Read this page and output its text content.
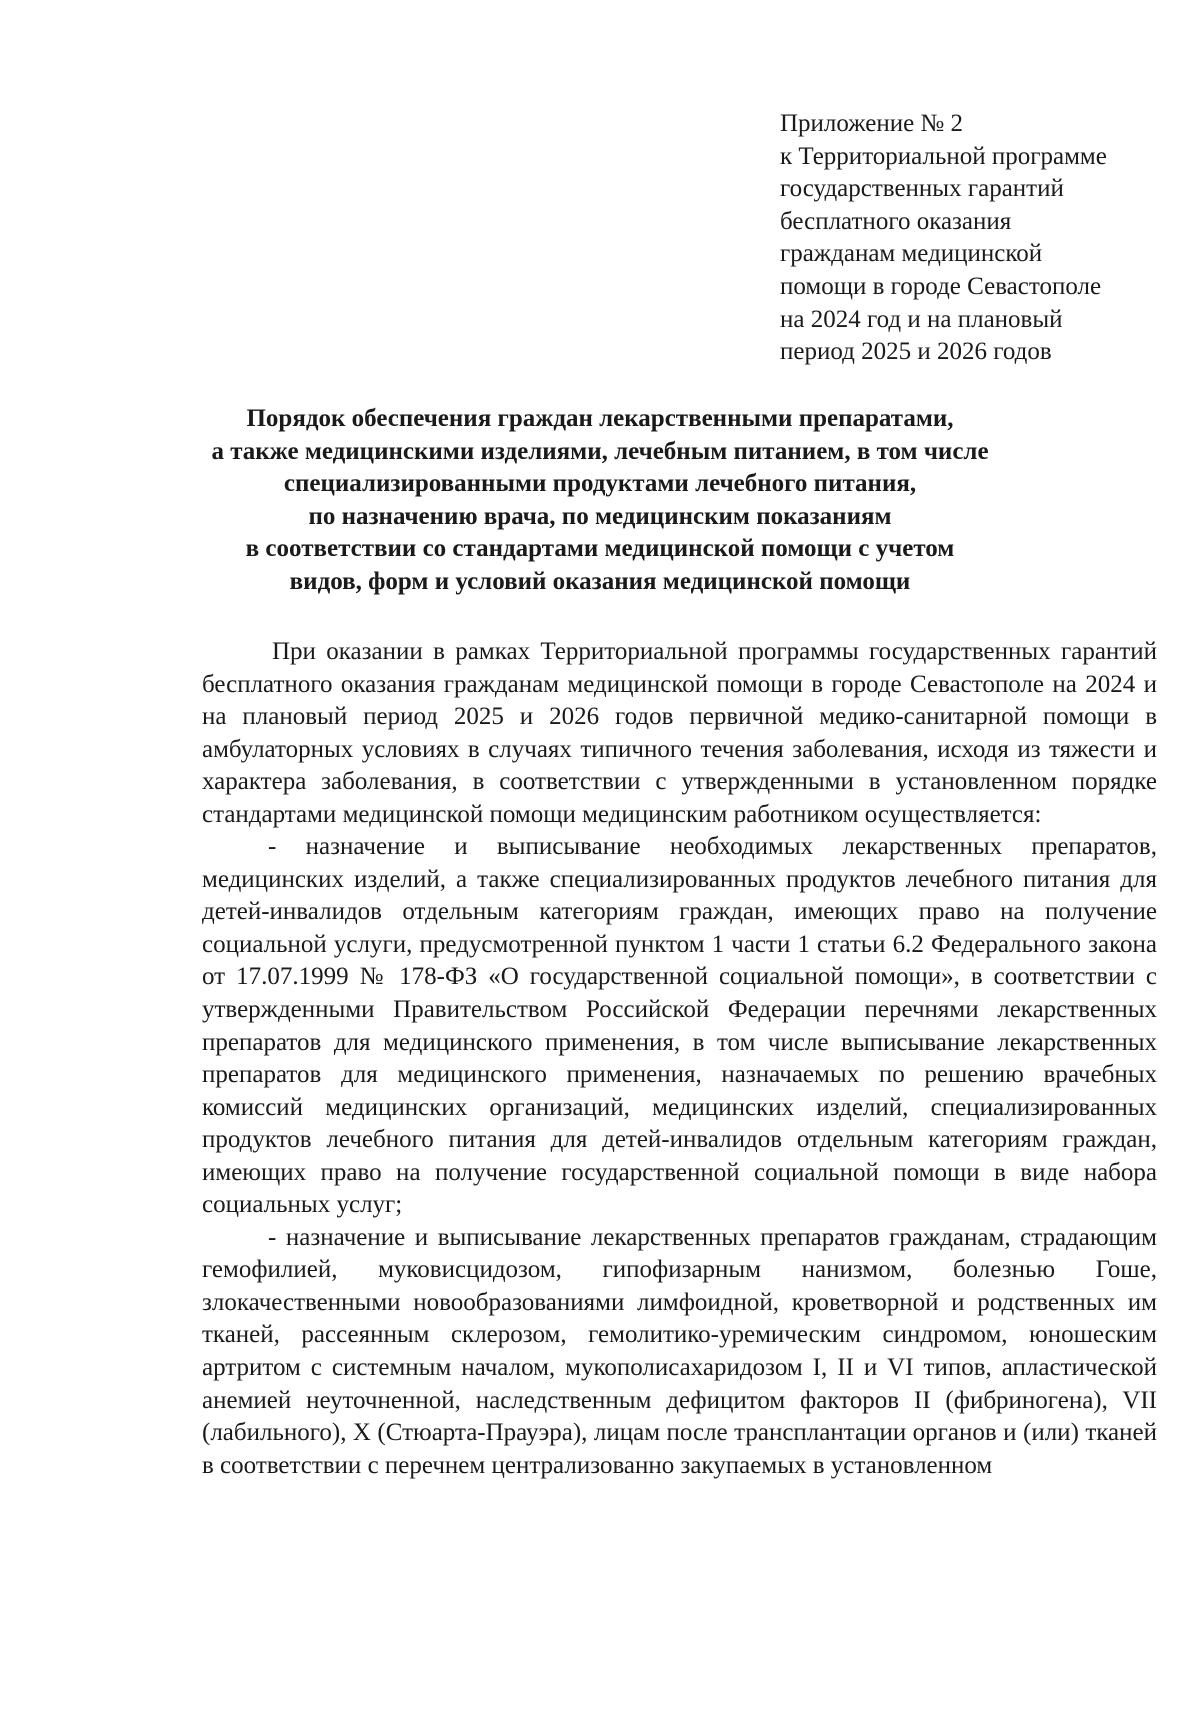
Приложение № 2
к Территориальной программе
государственных гарантий
бесплатного оказания
гражданам медицинской
помощи в городе Севастополе
на 2024 год и на плановый
период 2025 и 2026 годов
Порядок обеспечения граждан лекарственными препаратами,
а также медицинскими изделиями, лечебным питанием, в том числе
специализированными продуктами лечебного питания,
по назначению врача, по медицинским показаниям
в соответствии со стандартами медицинской помощи с учетом
видов, форм и условий оказания медицинской помощи

При оказании в рамках Территориальной программы государственных гарантий бесплатного оказания гражданам медицинской помощи в городе Севастополе на 2024 и на плановый период 2025 и 2026 годов первичной медико-санитарной помощи в амбулаторных условиях в случаях типичного течения заболевания, исходя из тяжести и характера заболевания, в соответствии с утвержденными в установленном порядке стандартами медицинской помощи медицинским работником осуществляется:

- назначение и выписывание необходимых лекарственных препаратов, медицинских изделий, а также специализированных продуктов лечебного питания для детей-инвалидов отдельным категориям граждан, имеющих право на получение социальной услуги, предусмотренной пунктом 1 части 1 статьи 6.2 Федерального закона от 17.07.1999 № 178-ФЗ «О государственной социальной помощи», в соответствии с утвержденными Правительством Российской Федерации перечнями лекарственных препаратов для медицинского применения, в том числе выписывание лекарственных препаратов для медицинского применения, назначаемых по решению врачебных комиссий медицинских организаций, медицинских изделий, специализированных продуктов лечебного питания для детей-инвалидов отдельным категориям граждан, имеющих право на получение государственной социальной помощи в виде набора социальных услуг;

- назначение и выписывание лекарственных препаратов гражданам, страдающим гемофилией, муковисцидозом, гипофизарным нанизмом, болезнью Гоше, злокачественными новообразованиями лимфоидной, кроветворной и родственных им тканей, рассеянным склерозом, гемолитико-уремическим синдромом, юношеским артритом с системным началом, мукополисахаридозом I, II и VI типов, апластической анемией неуточненной, наследственным дефицитом факторов II (фибриногена), VII (лабильного), X (Стюарта-Прауэра), лицам после трансплантации органов и (или) тканей в соответствии с перечнем централизованно закупаемых в установленном
